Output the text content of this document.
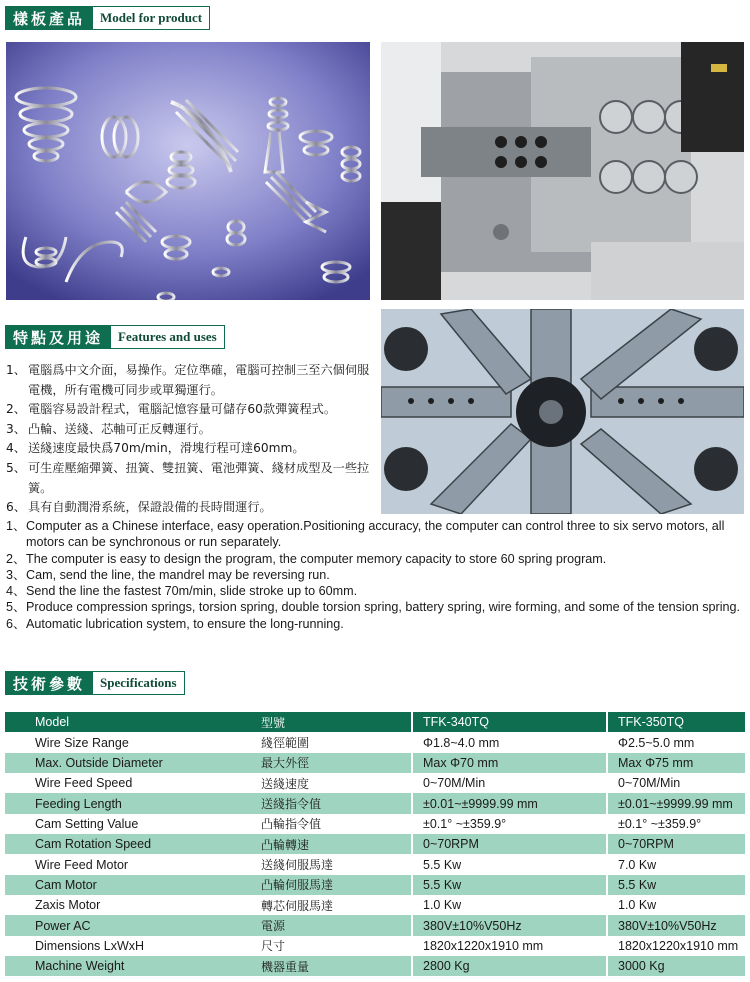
樣板產品	Model for product
特點及用途	Features and uses
1、 電腦爲中文介面，易操作。定位準確，電腦可控制三至六個伺服電機，所有電機可同步或單獨運行。
2、 電腦容易設計程式，電腦記憶容量可儲存60款彈簧程式。
3、 凸輪、送綫、芯軸可正反轉運行。
4、 送綫速度最快爲70m/min，滑塊行程可達60mm。
5、 可生産壓縮彈簧、扭簧、雙扭簧、電池彈簧、綫材成型及一些拉簧。
6、 具有自動潤滑系統，保證設備的長時間運行。
1、 Computer as a Chinese interface, easy operation.Positioning accuracy, the computer can control three to six servo motors, all motors can be synchronous or run separately.
2、 The computer is easy to design the program, the computer memory capacity to store 60 spring program.
3、 Cam, send the line, the mandrel may be reversing run.
4、 Send the line the fastest 70m/min, slide stroke up to 60mm.
5、 Produce compression springs, torsion spring, double torsion spring, battery spring, wire forming, and some of the tension spring.
6、 Automatic lubrication system, to ensure the long-running.
技術參數	Specifications
Model	型號	TFK-340TQ	TFK-350TQ
Wire Size Range	綫徑範圍	Φ1.8~4.0 mm	Φ2.5~5.0 mm
Max. Outside Diameter	最大外徑	Max Φ70 mm	Max Φ75 mm
Wire Feed Speed	送綫速度	0~70M/Min	0~70M/Min
Feeding Length	送綫指令值	±0.01~±9999.99 mm	±0.01~±9999.99 mm
Cam Setting Value	凸輪指令值	±0.1° ~±359.9°	±0.1° ~±359.9°
Cam Rotation Speed	凸輪轉速	0~70RPM	0~70RPM
Wire Feed Motor	送綫伺服馬達	5.5 Kw	7.0 Kw
Cam Motor	凸輪伺服馬達	5.5 Kw	5.5 Kw
Zaxis Motor	轉芯伺服馬達	1.0 Kw	1.0 Kw
Power AC	電源	380V±10%V50Hz	380V±10%V50Hz
Dimensions LxWxH	尺寸	1820x1220x1910 mm	1820x1220x1910 mm
Machine Weight	機器重量	2800 Kg	3000 Kg
